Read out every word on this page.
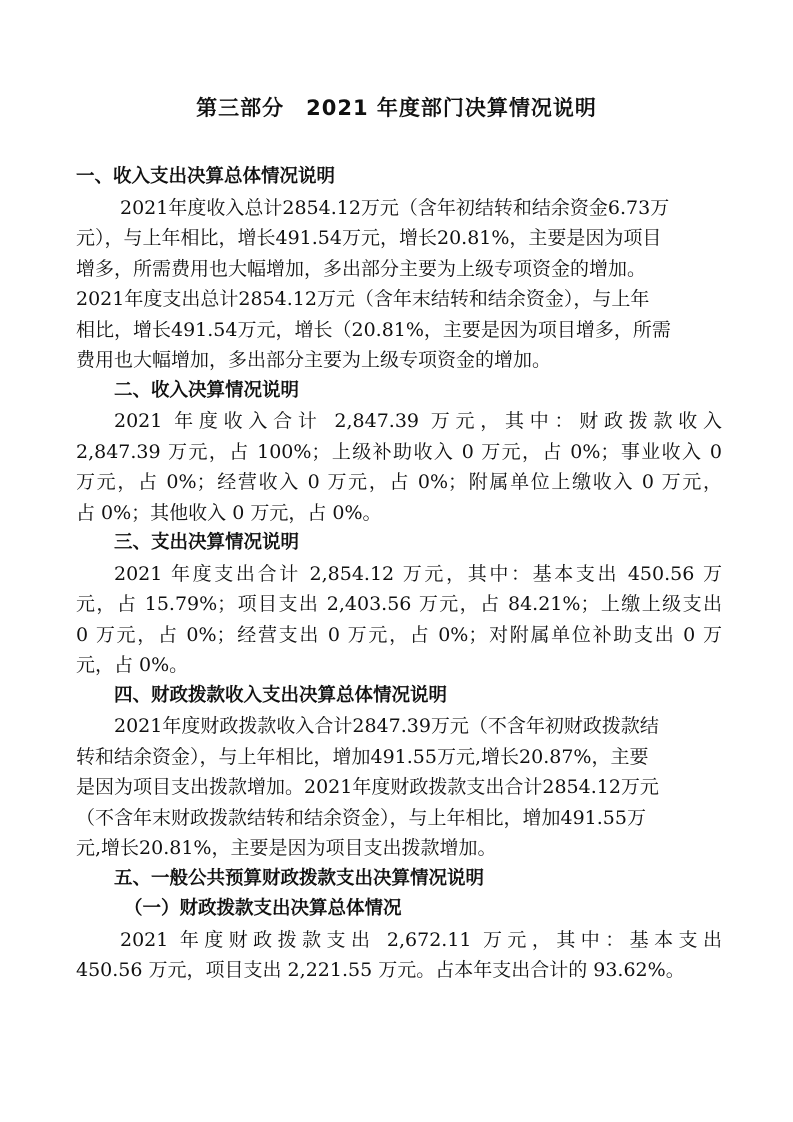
第三部分　2021 年度部门决算情况说明
一、收入支出决算总体情况说明
2021年度收入总计2854.12万元（含年初结转和结余资金6.73万
元），与上年相比，增长491.54万元，增长20.81%，主要是因为项目
增多，所需费用也大幅增加，多出部分主要为上级专项资金的增加。
2021年度支出总计2854.12万元（含年末结转和结余资金），与上年
相比，增长491.54万元，增长（20.81%，主要是因为项目增多，所需
费用也大幅增加，多出部分主要为上级专项资金的增加。
二、收入决算情况说明
2021 年度收入合计 2,847.39 万元，其中：财政拨款收入
2,847.39 万元，占 100%；上级补助收入 0 万元，占 0%；事业收入 0
万元，占 0%；经营收入 0 万元，占 0%；附属单位上缴收入 0 万元，
占 0%；其他收入 0 万元，占 0%。
三、支出决算情况说明
2021 年度支出合计 2,854.12 万元，其中：基本支出 450.56 万
元，占 15.79%；项目支出 2,403.56 万元，占 84.21%；上缴上级支出
0 万元，占 0%；经营支出 0 万元，占 0%；对附属单位补助支出 0 万
元，占 0%。
四、财政拨款收入支出决算总体情况说明
2021年度财政拨款收入合计2847.39万元（不含年初财政拨款结
转和结余资金），与上年相比，增加491.55万元,增长20.87%，主要
是因为项目支出拨款增加。2021年度财政拨款支出合计2854.12万元
（不含年末财政拨款结转和结余资金），与上年相比，增加491.55万
元,增长20.81%，主要是因为项目支出拨款增加。
五、一般公共预算财政拨款支出决算情况说明
（一）财政拨款支出决算总体情况
2021 年度财政拨款支出 2,672.11 万元，其中：基本支出
450.56 万元，项目支出 2,221.55 万元。占本年支出合计的 93.62%。
